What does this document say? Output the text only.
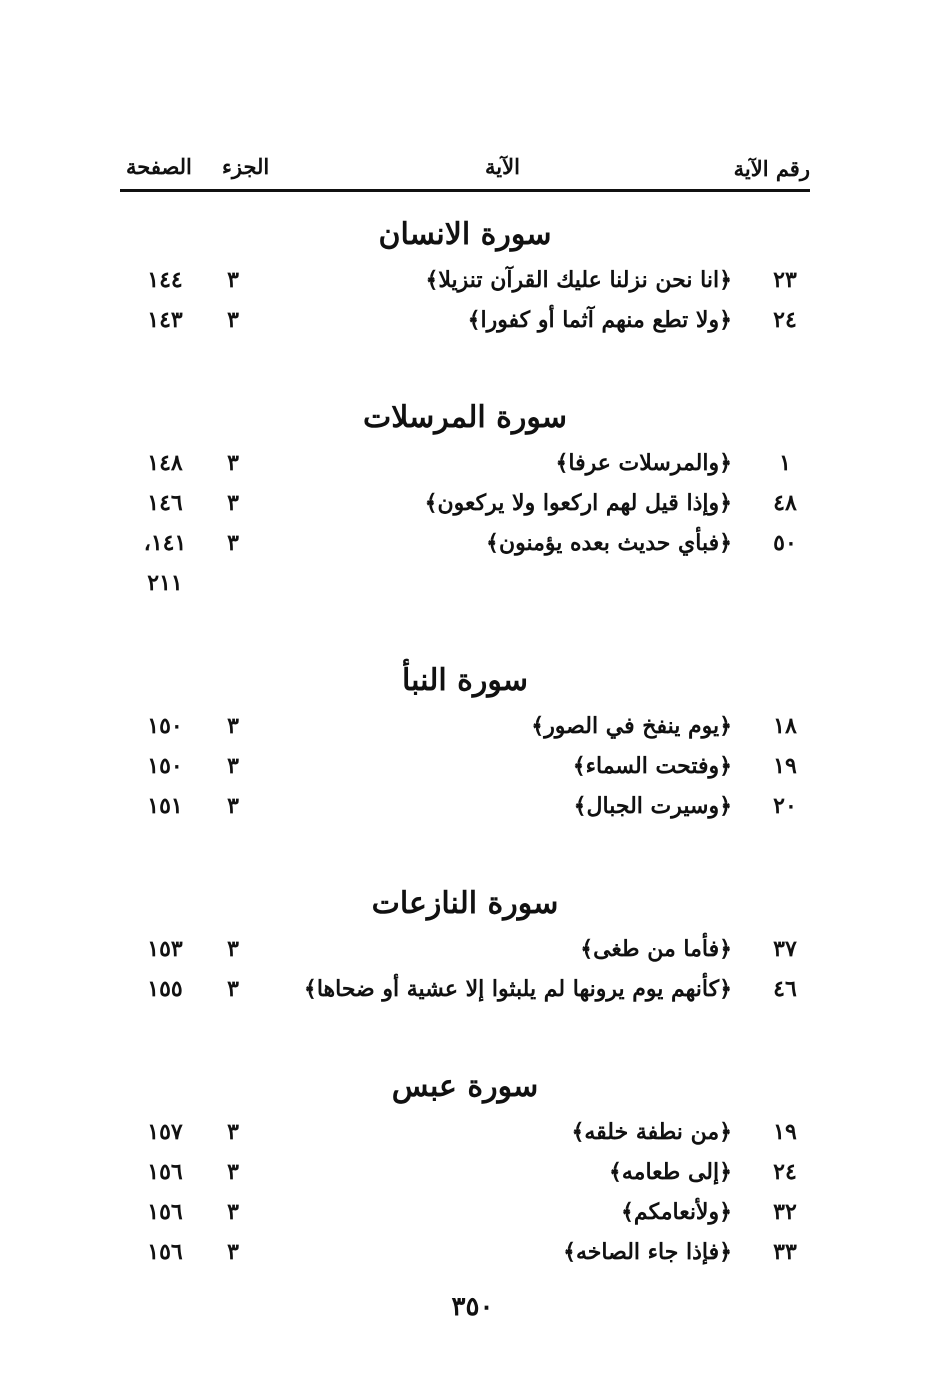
رقم الآية
الآية
الجزء
الصفحة
سورة الانسان
٢٣
﴿انا نحن نزلنا عليك القرآن تنزيلا﴾
٣
١٤٤
٢٤
﴿ولا تطع منهم آثما أو كفورا﴾
٣
١٤٣
سورة المرسلات
١
﴿والمرسلات عرفا﴾
٣
١٤٨
٤٨
﴿وإذا قيل لهم اركعوا ولا يركعون﴾
٣
١٤٦
٥٠
﴿فبأي حديث بعده يؤمنون﴾
٣
١٤١،
٢١١
سورة النبأ
١٨
﴿يوم ينفخ في الصور﴾
٣
١٥٠
١٩
﴿وفتحت السماء﴾
٣
١٥٠
٢٠
﴿وسيرت الجبال﴾
٣
١٥١
سورة النازعات
٣٧
﴿فأما من طغى﴾
٣
١٥٣
٤٦
﴿كأنهم يوم يرونها لم يلبثوا إلا عشية أو ضحاها﴾
٣
١٥٥
سورة عبس
١٩
﴿من نطفة خلقه﴾
٣
١٥٧
٢٤
﴿إلى طعامه﴾
٣
١٥٦
٣٢
﴿ولأنعامكم﴾
٣
١٥٦
٣٣
﴿فإذا جاء الصاخه﴾
٣
١٥٦
٣٥٠
